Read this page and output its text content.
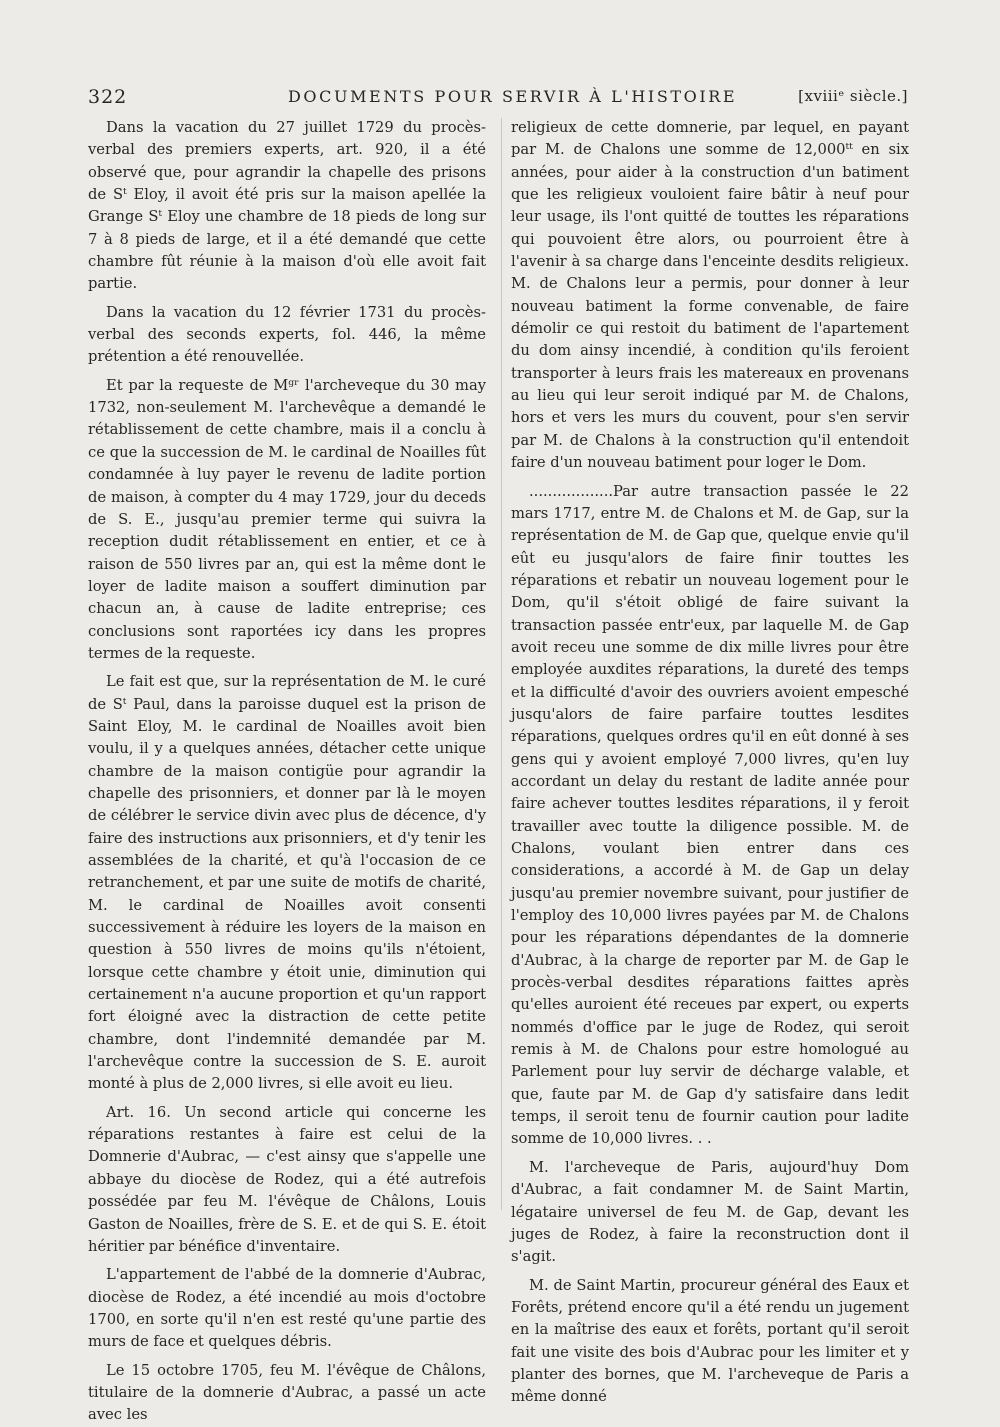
322	DOCUMENTS POUR SERVIR À L'HISTOIRE	[xviiiᵉ siècle.]

Dans la vacation du 27 juillet 1729 du procès-verbal des premiers experts, art. 920, il a été observé que, pour agrandir la chapelle des prisons de Sᵗ Eloy, il avoit été pris sur la maison apellée la Grange Sᵗ Eloy une chambre de 18 pieds de long sur 7 à 8 pieds de large, et il a été demandé que cette chambre fût réunie à la maison d'où elle avoit fait partie.

Dans la vacation du 12 février 1731 du procès-verbal des seconds experts, fol. 446, la même prétention a été renouvellée.

Et par la requeste de Mᵍʳ l'archeveque du 30 may 1732, non-seulement M. l'archevêque a demandé le rétablissement de cette chambre, mais il a conclu à ce que la succession de M. le cardinal de Noailles fût condamnée à luy payer le revenu de ladite portion de maison, à compter du 4 may 1729, jour du deceds de S. E., jusqu'au premier terme qui suivra la reception dudit rétablissement en entier, et ce à raison de 550 livres par an, qui est la même dont le loyer de ladite maison a souffert diminution par chacun an, à cause de ladite entreprise; ces conclusions sont raportées icy dans les propres termes de la requeste.

Le fait est que, sur la représentation de M. le curé de Sᵗ Paul, dans la paroisse duquel est la prison de Saint Eloy, M. le cardinal de Noailles avoit bien voulu, il y a quelques années, détacher cette unique chambre de la maison contigüe pour agrandir la chapelle des prisonniers, et donner par là le moyen de célébrer le service divin avec plus de décence, d'y faire des instructions aux prisonniers, et d'y tenir les assemblées de la charité, et qu'à l'occasion de ce retranchement, et par une suite de motifs de charité, M. le cardinal de Noailles avoit consenti successivement à réduire les loyers de la maison en question à 550 livres de moins qu'ils n'étoient, lorsque cette chambre y étoit unie, diminution qui certainement n'a aucune proportion et qu'un rapport fort éloigné avec la distraction de cette petite chambre, dont l'indemnité demandée par M. l'archevêque contre la succession de S. E. auroit monté à plus de 2,000 livres, si elle avoit eu lieu.

Art. 16. Un second article qui concerne les réparations restantes à faire est celui de la Domnerie d'Aubrac, — c'est ainsy que s'appelle une abbaye du diocèse de Rodez, qui a été autrefois possédée par feu M. l'évêque de Châlons, Louis Gaston de Noailles, frère de S. E. et de qui S. E. étoit héritier par bénéfice d'inventaire.

L'appartement de l'abbé de la domnerie d'Aubrac, diocèse de Rodez, a été incendié au mois d'octobre 1700, en sorte qu'il n'en est resté qu'une partie des murs de face et quelques débris.

Le 15 octobre 1705, feu M. l'évêque de Châlons, titulaire de la domnerie d'Aubrac, a passé un acte avec les

religieux de cette domnerie, par lequel, en payant par M. de Chalons une somme de 12,000ᵗᵗ en six années, pour aider à la construction d'un batiment que les religieux vouloient faire bâtir à neuf pour leur usage, ils l'ont quitté de touttes les réparations qui pouvoient être alors, ou pourroient être à l'avenir à sa charge dans l'enceinte desdits religieux. M. de Chalons leur a permis, pour donner à leur nouveau batiment la forme convenable, de faire démolir ce qui restoit du batiment de l'apartement du dom ainsy incendié, à condition qu'ils feroient transporter à leurs frais les matereaux en provenans au lieu qui leur seroit indiqué par M. de Chalons, hors et vers les murs du couvent, pour s'en servir par M. de Chalons à la construction qu'il entendoit faire d'un nouveau batiment pour loger le Dom.

..................Par autre transaction passée le 22 mars 1717, entre M. de Chalons et M. de Gap, sur la représentation de M. de Gap que, quelque envie qu'il eût eu jusqu'alors de faire finir touttes les réparations et rebatir un nouveau logement pour le Dom, qu'il s'étoit obligé de faire suivant la transaction passée entr'eux, par laquelle M. de Gap avoit receu une somme de dix mille livres pour être employée auxdites réparations, la dureté des temps et la difficulté d'avoir des ouvriers avoient empesché jusqu'alors de faire parfaire touttes lesdites réparations, quelques ordres qu'il en eût donné à ses gens qui y avoient employé 7,000 livres, qu'en luy accordant un delay du restant de ladite année pour faire achever touttes lesdites réparations, il y feroit travailler avec toutte la diligence possible. M. de Chalons, voulant bien entrer dans ces considerations, a accordé à M. de Gap un delay jusqu'au premier novembre suivant, pour justifier de l'employ des 10,000 livres payées par M. de Chalons pour les réparations dépendantes de la domnerie d'Aubrac, à la charge de reporter par M. de Gap le procès-verbal desdites réparations faittes après qu'elles auroient été receues par expert, ou experts nommés d'office par le juge de Rodez, qui seroit remis à M. de Chalons pour estre homologué au Parlement pour luy servir de décharge valable, et que, faute par M. de Gap d'y satisfaire dans ledit temps, il seroit tenu de fournir caution pour ladite somme de 10,000 livres. . .

M. l'archeveque de Paris, aujourd'huy Dom d'Aubrac, a fait condamner M. de Saint Martin, légataire universel de feu M. de Gap, devant les juges de Rodez, à faire la reconstruction dont il s'agit.

M. de Saint Martin, procureur général des Eaux et Forêts, prétend encore qu'il a été rendu un jugement en la maîtrise des eaux et forêts, portant qu'il seroit fait une visite des bois d'Aubrac pour les limiter et y planter des bornes, que M. l'archeveque de Paris a même donné
